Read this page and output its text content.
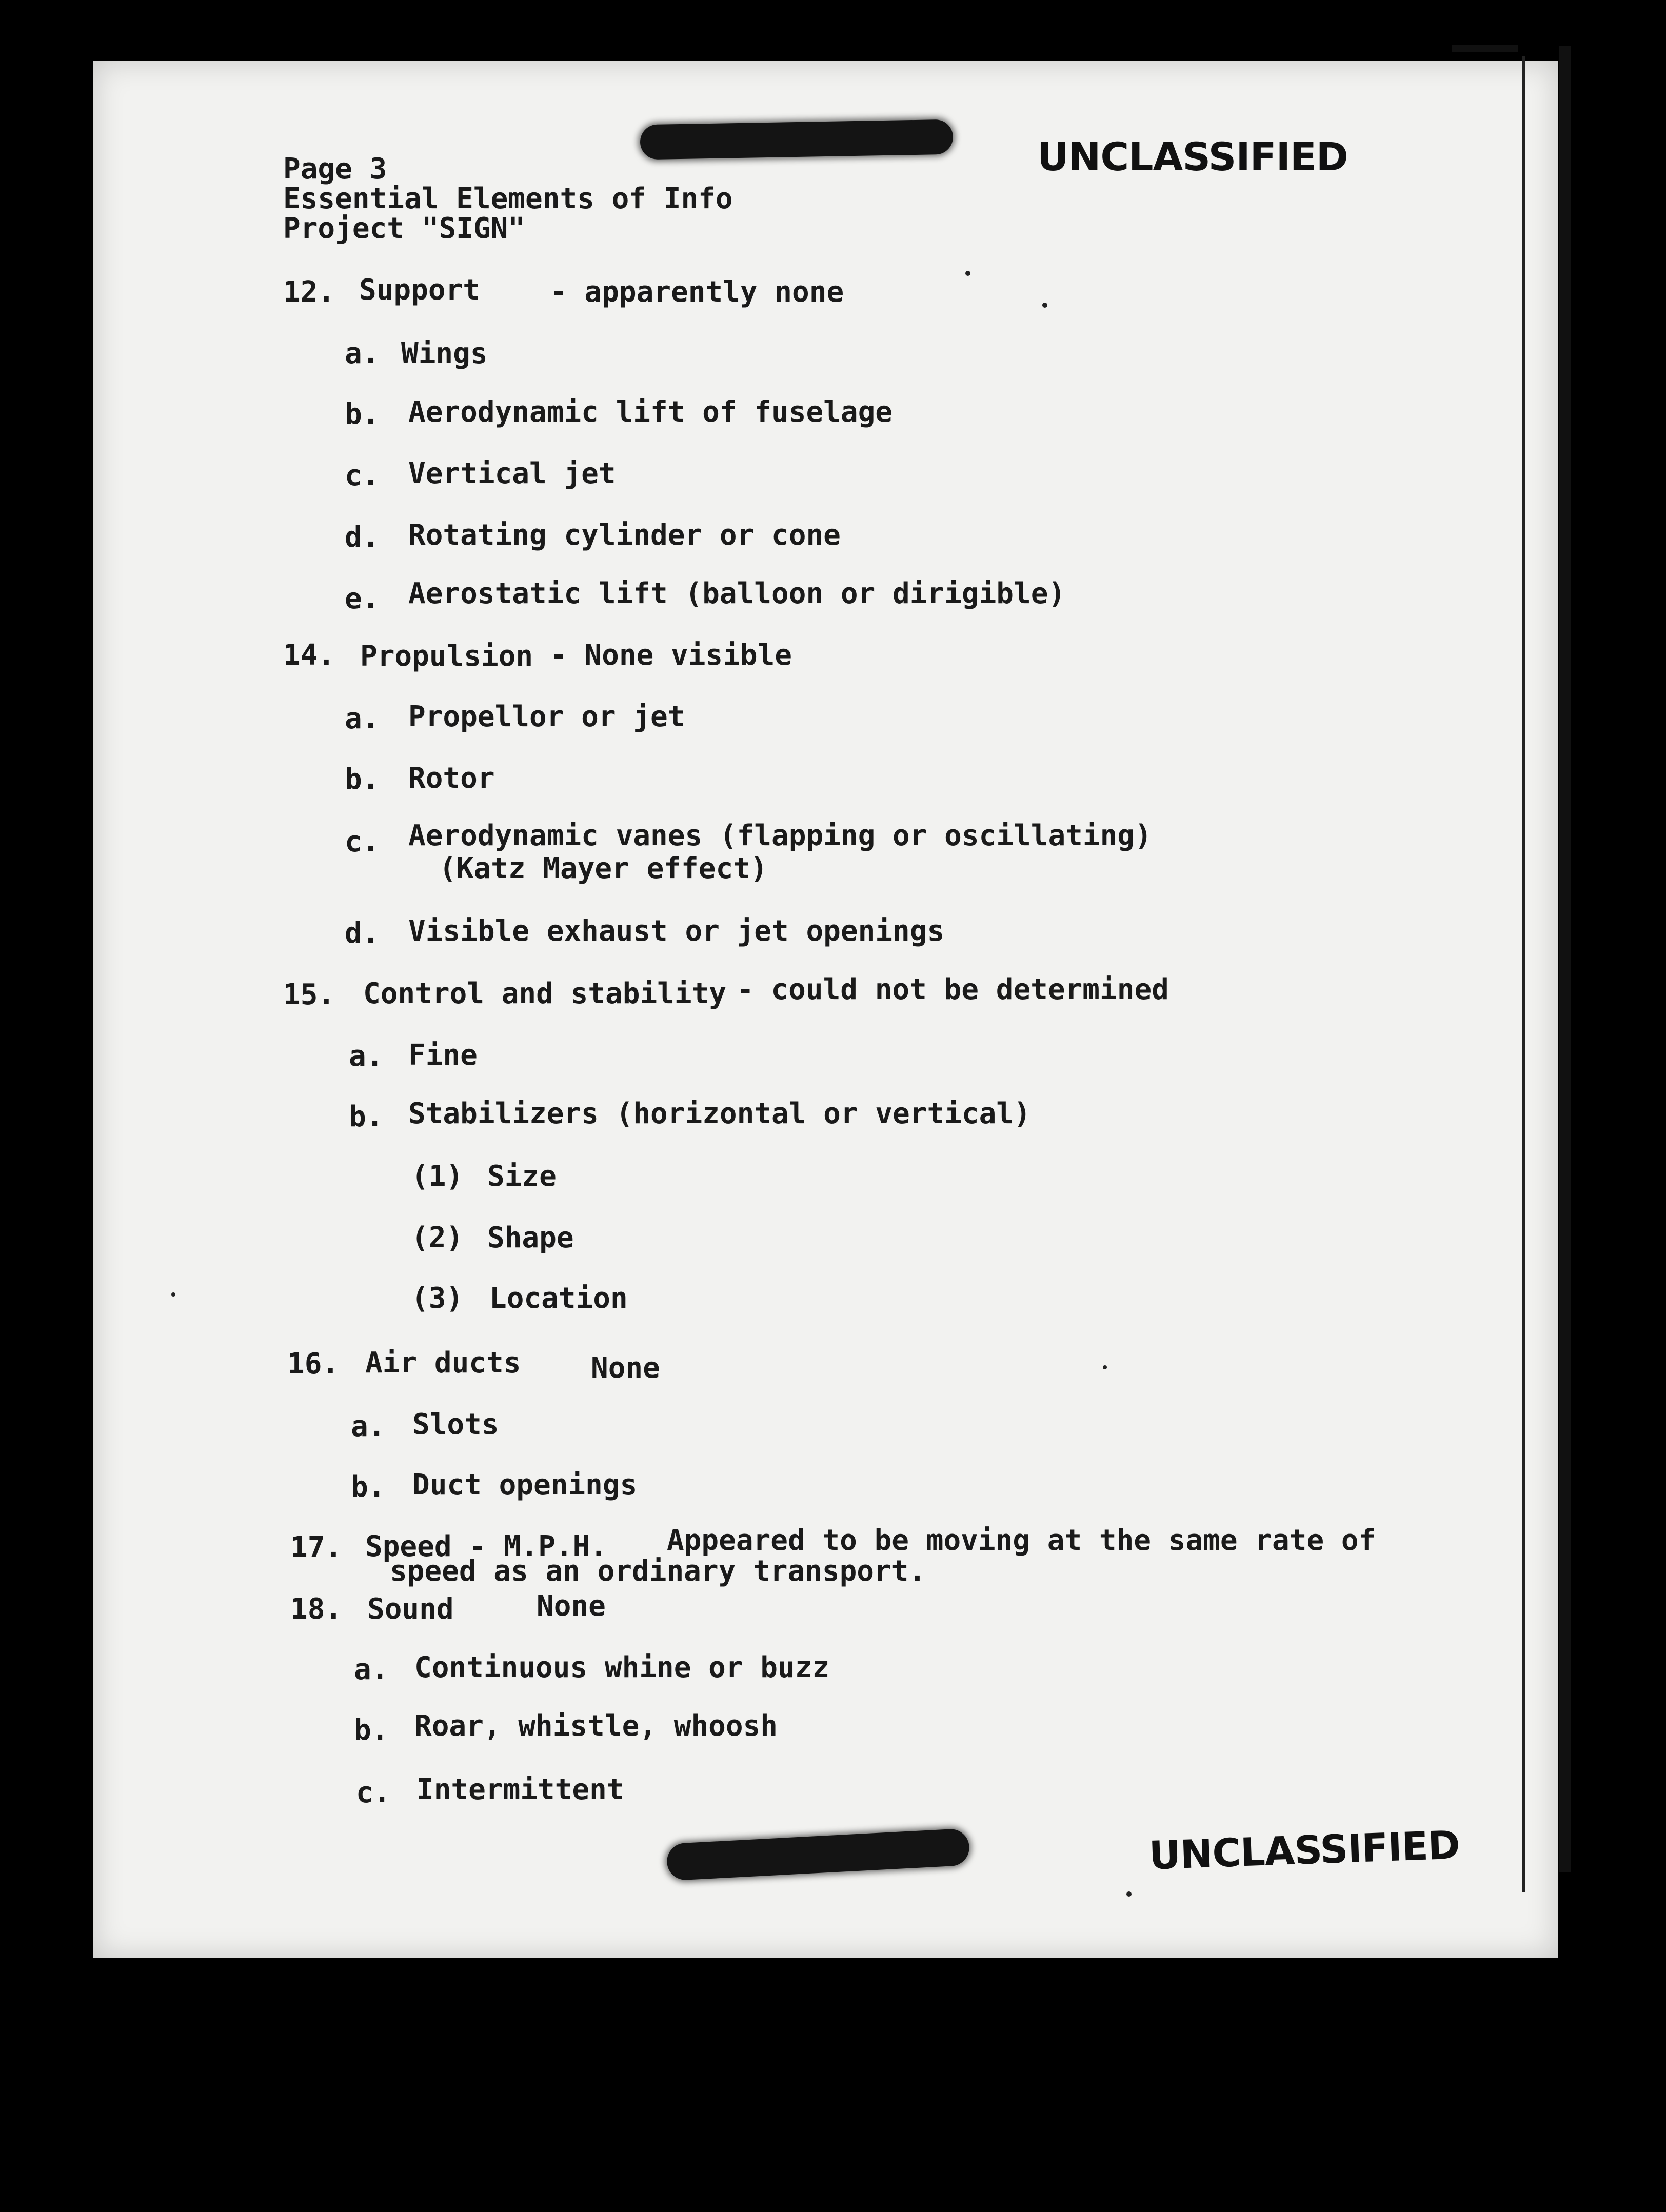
UNCLASSIFIED
UNCLASSIFIED
Page 3
Essential Elements of Info
Project "SIGN"
12. Support - apparently none
a. Wings
b. Aerodynamic lift of fuselage
c. Vertical jet
d. Rotating cylinder or cone
e. Aerostatic lift (balloon or dirigible)
14. Propulsion - None visible
a. Propellor or jet
b. Rotor
c. Aerodynamic vanes (flapping or oscillating)
(Katz Mayer effect)
d. Visible exhaust or jet openings
15. Control and stability - could not be determined
a. Fine
b. Stabilizers (horizontal or vertical)
(1) Size
(2) Shape
(3) Location
16. Air ducts None
a. Slots
b. Duct openings
17. Speed - M.P.H. Appeared to be moving at the same rate of
speed as an ordinary transport.
18. Sound	None
a. Continuous whine or buzz
b. Roar, whistle, whoosh
c. Intermittent
